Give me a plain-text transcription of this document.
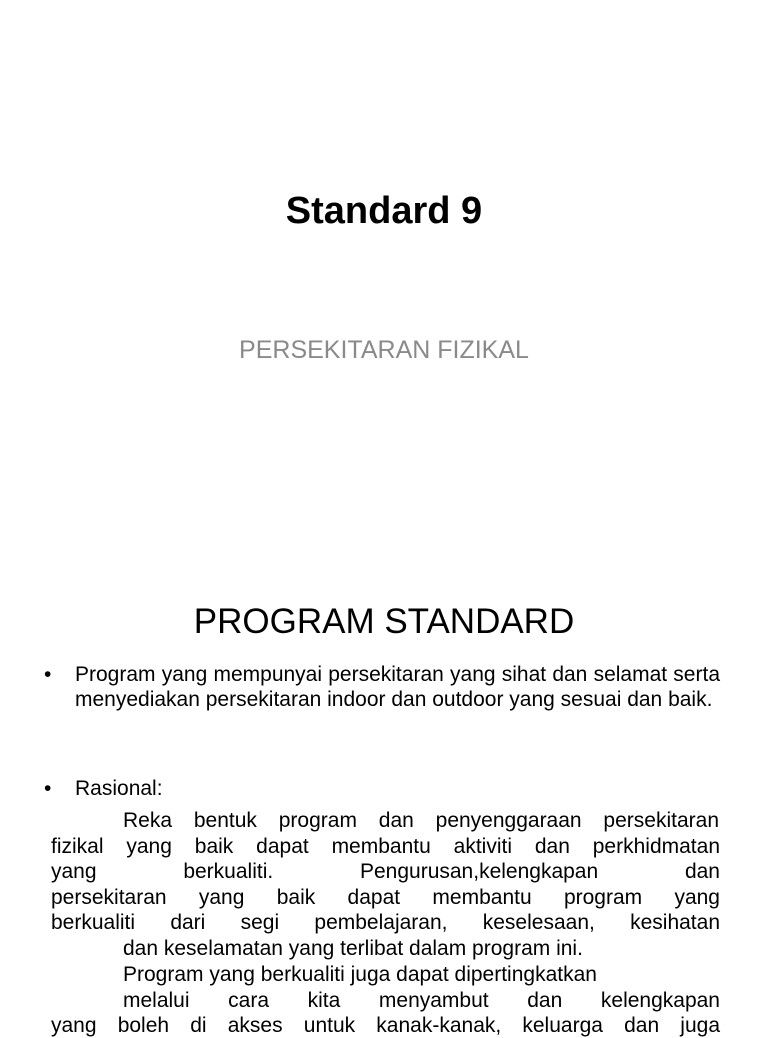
Standard 9
PERSEKITARAN FIZIKAL
PROGRAM STANDARD
•	Program yang mempunyai persekitaran yang sihat dan selamat serta menyediakan persekitaran indoor dan outdoor yang sesuai dan baik.
•	Rasional:
Reka bentuk program dan penyenggaraan persekitaran
fizikal yang baik dapat membantu aktiviti dan perkhidmatan
yang berkualiti. Pengurusan,kelengkapan dan
persekitaran yang baik dapat membantu program yang
berkualiti dari segi pembelajaran, keselesaan, kesihatan
dan keselamatan yang terlibat dalam program ini.
Program yang berkualiti juga dapat dipertingkatkan
melalui cara kita menyambut dan kelengkapan
yang boleh di akses untuk kanak-kanak, keluarga dan juga
